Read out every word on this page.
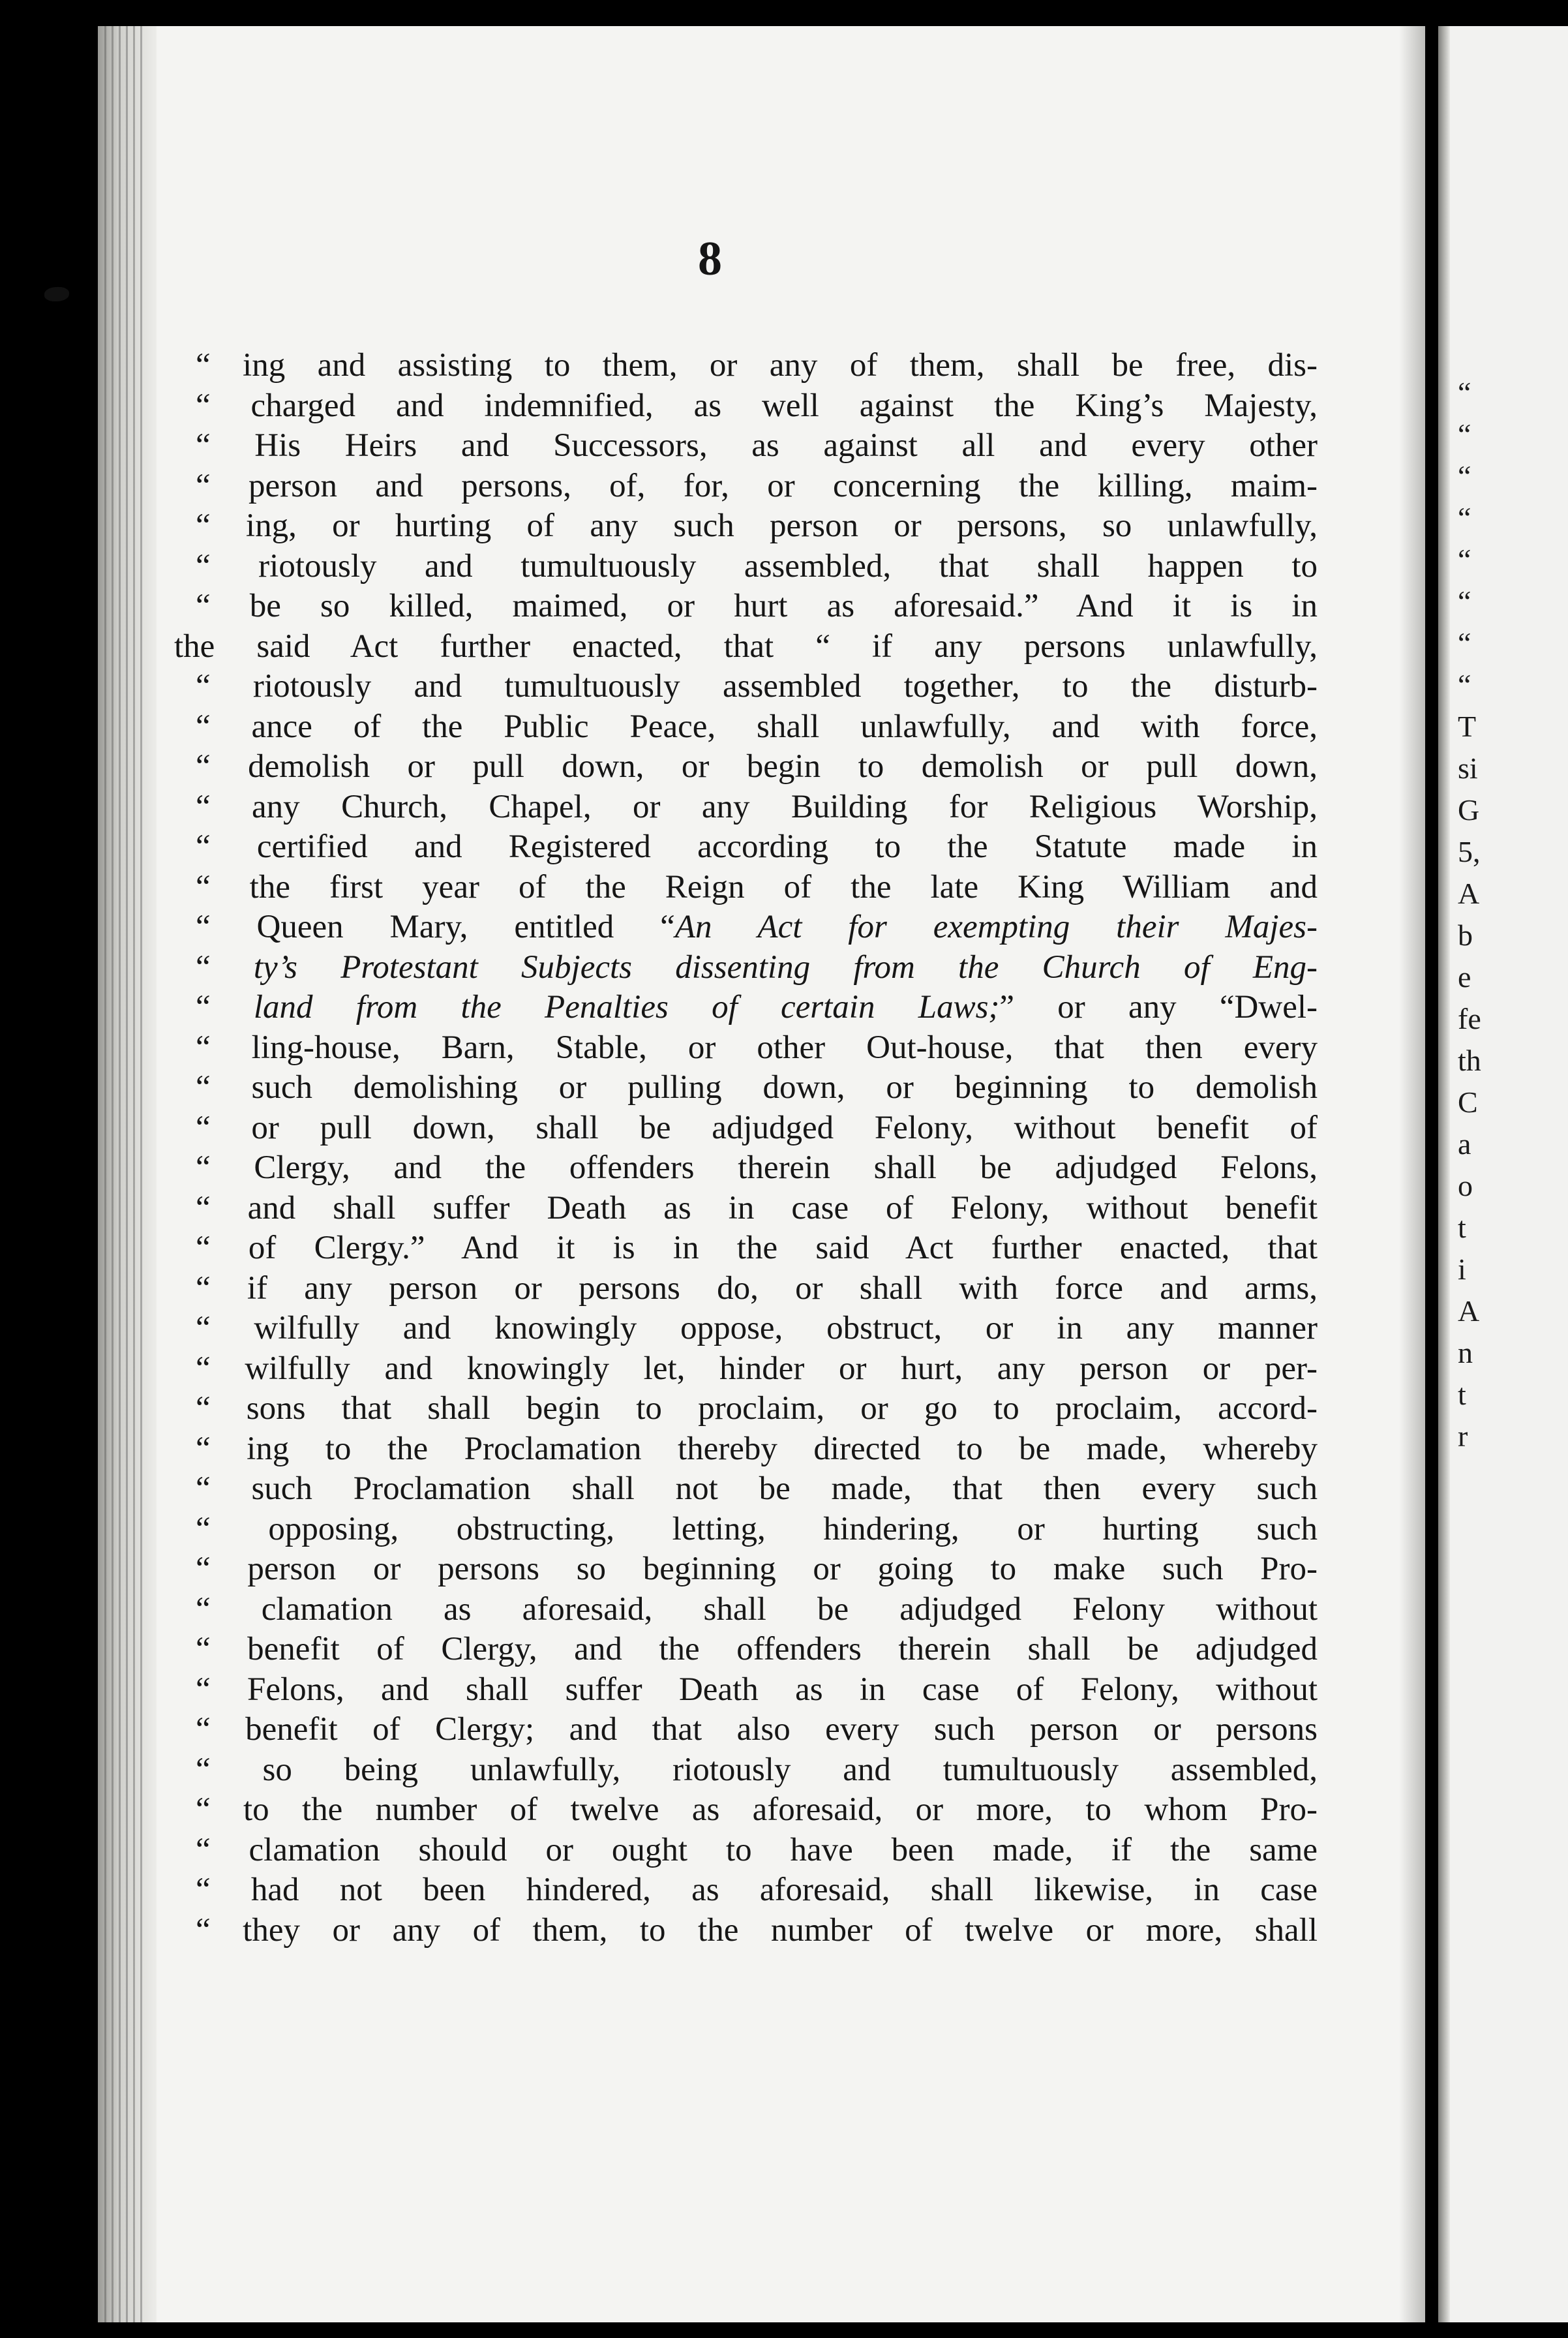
8
“ ing and assisting to them, or any of them, shall be free, dis-
“ charged and indemnified, as well against the King’s Majesty,
“ His Heirs and Successors, as against all and every other
“ person and persons, of, for, or concerning the killing, maim-
“ ing, or hurting of any such person or persons, so unlawfully,
“ riotously and tumultuously assembled, that shall happen to
“ be so killed, maimed, or hurt as aforesaid.” And it is in
the said Act further enacted, that “ if any persons unlawfully,
“ riotously and tumultuously assembled together, to the disturb-
“ ance of the Public Peace, shall unlawfully, and with force,
“ demolish or pull down, or begin to demolish or pull down,
“ any Church, Chapel, or any Building for Religious Worship,
“ certified and Registered according to the Statute made in
“ the first year of the Reign of the late King William and
“ Queen Mary, entitled “An Act for exempting their Majes-
“ ty’s Protestant Subjects dissenting from the Church of Eng-
“ land from the Penalties of certain Laws;” or any “Dwel-
“ ling-house, Barn, Stable, or other Out-house, that then every
“ such demolishing or pulling down, or beginning to demolish
“ or pull down, shall be adjudged Felony, without benefit of
“ Clergy, and the offenders therein shall be adjudged Felons,
“ and shall suffer Death as in case of Felony, without benefit
“ of Clergy.” And it is in the said Act further enacted, that
“ if any person or persons do, or shall with force and arms,
“ wilfully and knowingly oppose, obstruct, or in any manner
“ wilfully and knowingly let, hinder or hurt, any person or per-
“ sons that shall begin to proclaim, or go to proclaim, accord-
“ ing to the Proclamation thereby directed to be made, whereby
“ such Proclamation shall not be made, that then every such
“ opposing, obstructing, letting, hindering, or hurting such
“ person or persons so beginning or going to make such Pro-
“ clamation as aforesaid, shall be adjudged Felony without
“ benefit of Clergy, and the offenders therein shall be adjudged
“ Felons, and shall suffer Death as in case of Felony, without
“ benefit of Clergy; and that also every such person or persons
“ so being unlawfully, riotously and tumultuously assembled,
“ to the number of twelve as aforesaid, or more, to whom Pro-
“ clamation should or ought to have been made, if the same
“ had not been hindered, as aforesaid, shall likewise, in case
“ they or any of them, to the number of twelve or more, shall
“
“
“
“
“
“
“
“
T
si
G
5,
A
b
e
fe
th
C
a
o
t
i
A
n
t
r
